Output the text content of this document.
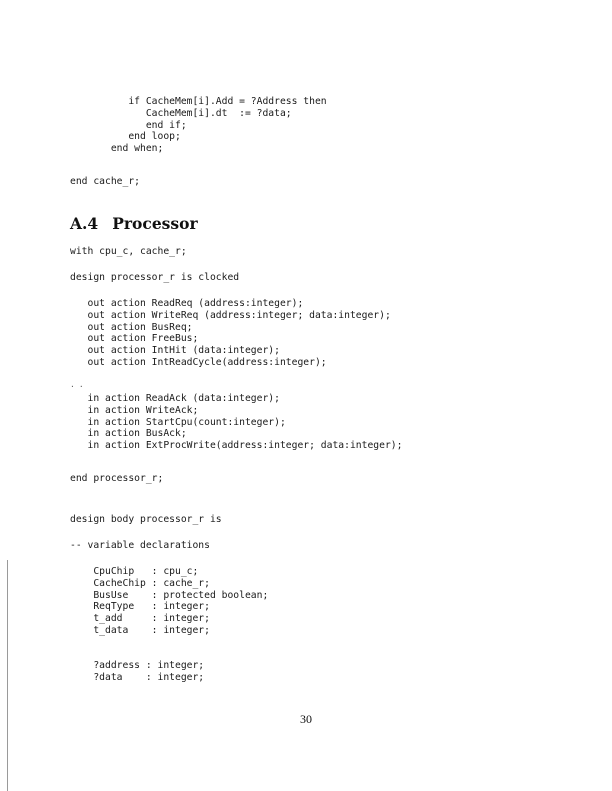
if CacheMem[i].Add = ?Address then
CacheMem[i].dt  := ?data;
end if;
end loop;
end when;
end cache_r;
A.4 Processor
with cpu_c, cache_r;
design processor_r is clocked
out action ReadReq (address:integer);
out action WriteReq (address:integer; data:integer);
out action BusReq;
out action FreeBus;
out action IntHit (data:integer);
out action IntReadCycle(address:integer);
..
in action ReadAck (data:integer);
in action WriteAck;
in action StartCpu(count:integer);
in action BusAck;
in action ExtProcWrite(address:integer; data:integer);
end processor_r;
design body processor_r is
-- variable declarations
CpuChip   : cpu_c;
CacheChip : cache_r;
BusUse    : protected boolean;
ReqType   : integer;
t_add     : integer;
t_data    : integer;
?address : integer;
?data    : integer;
30
